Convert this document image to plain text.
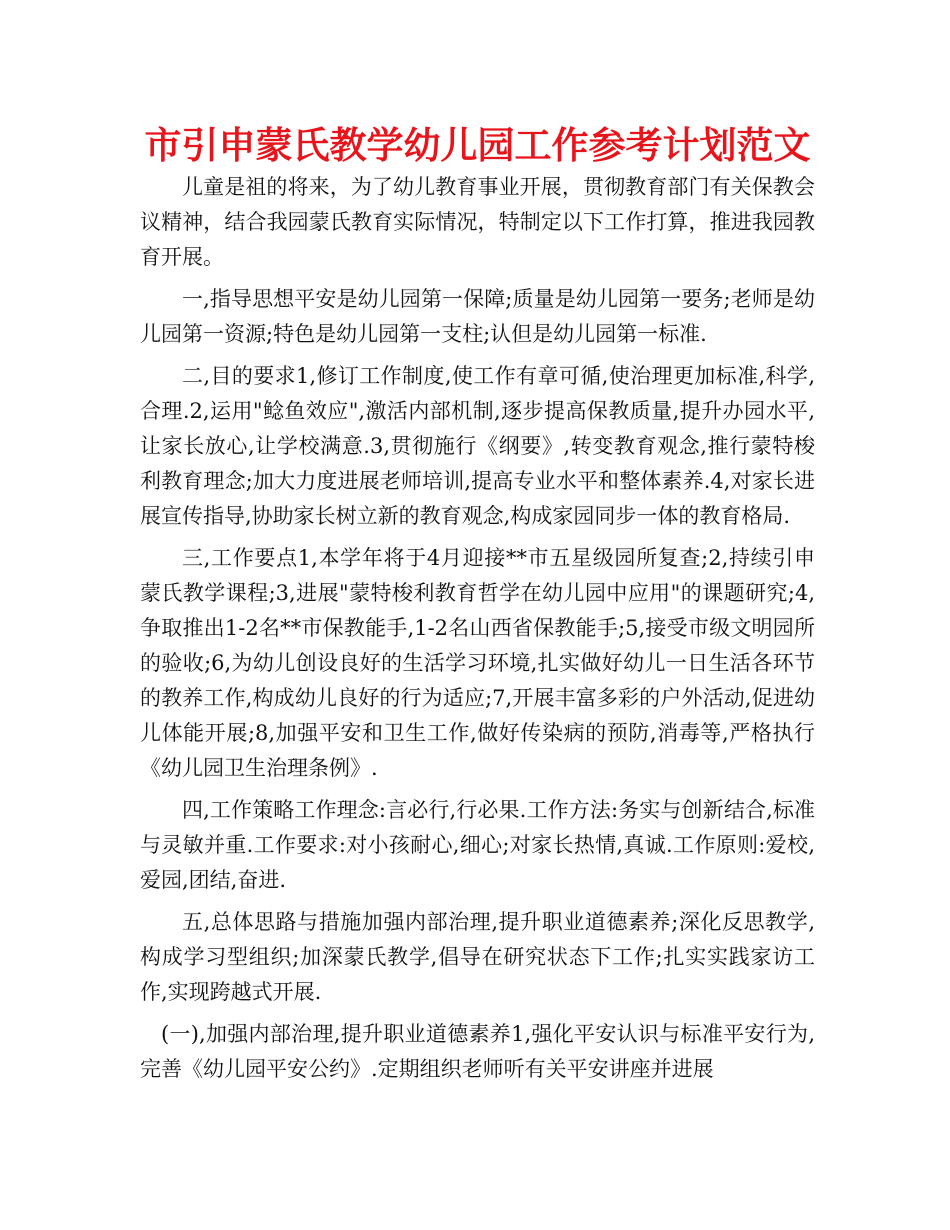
市引申蒙氏教学幼儿园工作参考计划范文

儿童是祖的将来，为了幼儿教育事业开展，贯彻教育部门有关保教会议精神，结合我园蒙氏教育实际情况，特制定以下工作打算，推进我园教育开展。

一,指导思想平安是幼儿园第一保障;质量是幼儿园第一要务;老师是幼儿园第一资源;特色是幼儿园第一支柱;认但是幼儿园第一标准.

二,目的要求1,修订工作制度,使工作有章可循,使治理更加标准,科学,合理.2,运用"鲶鱼效应",激活内部机制,逐步提高保教质量,提升办园水平,让家长放心,让学校满意.3,贯彻施行《纲要》,转变教育观念,推行蒙特梭利教育理念;加大力度进展老师培训,提高专业水平和整体素养.4,对家长进展宣传指导,协助家长树立新的教育观念,构成家园同步一体的教育格局.

三,工作要点1,本学年将于4月迎接**市五星级园所复查;2,持续引申蒙氏教学课程;3,进展"蒙特梭利教育哲学在幼儿园中应用"的课题研究;4,争取推出1-2名**市保教能手,1-2名山西省保教能手;5,接受市级文明园所的验收;6,为幼儿创设良好的生活学习环境,扎实做好幼儿一日生活各环节的教养工作,构成幼儿良好的行为适应;7,开展丰富多彩的户外活动,促进幼儿体能开展;8,加强平安和卫生工作,做好传染病的预防,消毒等,严格执行《幼儿园卫生治理条例》.

四,工作策略工作理念:言必行,行必果.工作方法:务实与创新结合,标准与灵敏并重.工作要求:对小孩耐心,细心;对家长热情,真诚.工作原则:爱校,爱园,团结,奋进.

五,总体思路与措施加强内部治理,提升职业道德素养;深化反思教学,构成学习型组织;加深蒙氏教学,倡导在研究状态下工作;扎实实践家访工作,实现跨越式开展.

(一),加强内部治理,提升职业道德素养1,强化平安认识与标准平安行为,完善《幼儿园平安公约》.定期组织老师听有关平安讲座并进展
